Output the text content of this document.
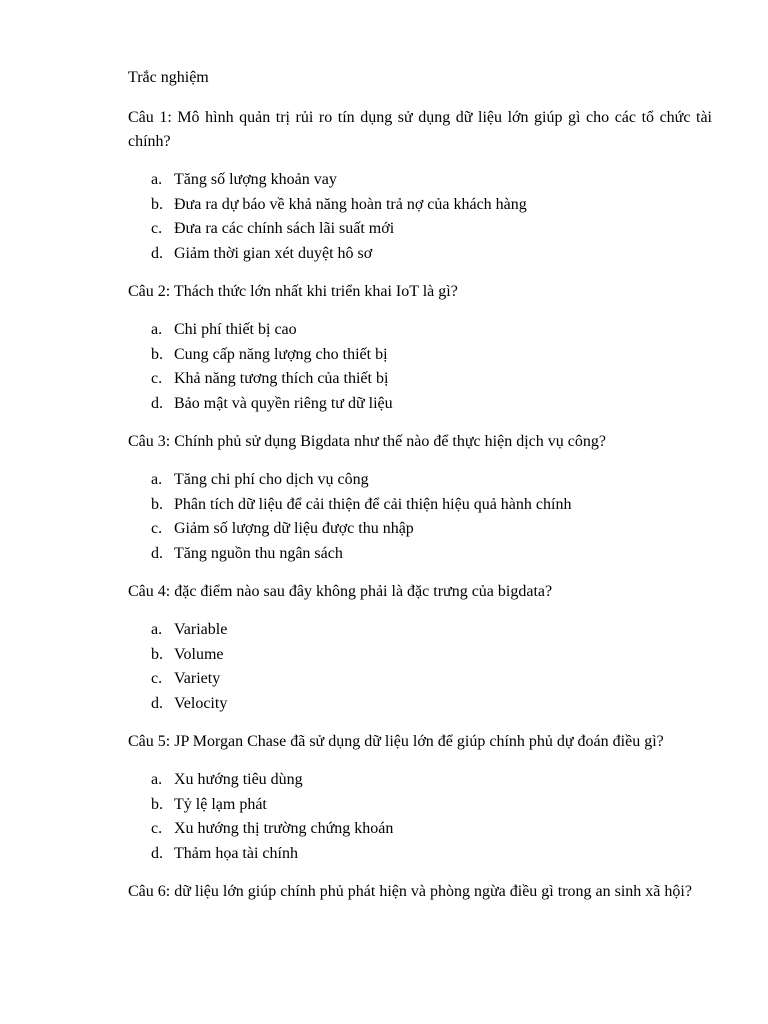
Trắc nghiệm

Câu 1: Mô hình quản trị rủi ro tín dụng sử dụng dữ liệu lớn giúp gì cho các tổ chức tài chính?

a. Tăng số lượng khoản vay
b. Đưa ra dự báo về khả năng hoàn trả nợ của khách hàng
c. Đưa ra các chính sách lãi suất mới
d. Giảm thời gian xét duyệt hô sơ

Câu 2: Thách thức lớn nhất khi triển khai IoT là gì?

a. Chi phí thiết bị cao
b. Cung cấp năng lượng cho thiết bị
c. Khả năng tương thích của thiết bị
d. Bảo mật và quyền riêng tư dữ liệu

Câu 3: Chính phủ sử dụng Bigdata như thế nào để thực hiện dịch vụ công?

a. Tăng chi phí cho dịch vụ công
b. Phân tích dữ liệu để cải thiện để cải thiện hiệu quả hành chính
c. Giảm số lượng dữ liệu được thu nhập
d. Tăng nguồn thu ngân sách

Câu 4: đặc điểm nào sau đây không phải là đặc trưng của bigdata?

a. Variable
b. Volume
c. Variety
d. Velocity

Câu 5: JP Morgan Chase đã sử dụng dữ liệu lớn để giúp chính phủ dự đoán điều gì?

a. Xu hướng tiêu dùng
b. Tỷ lệ lạm phát
c. Xu hướng thị trường chứng khoán
d. Thảm họa tài chính

Câu 6: dữ liệu lớn giúp chính phủ phát hiện và phòng ngừa điều gì trong an sinh xã hội?
